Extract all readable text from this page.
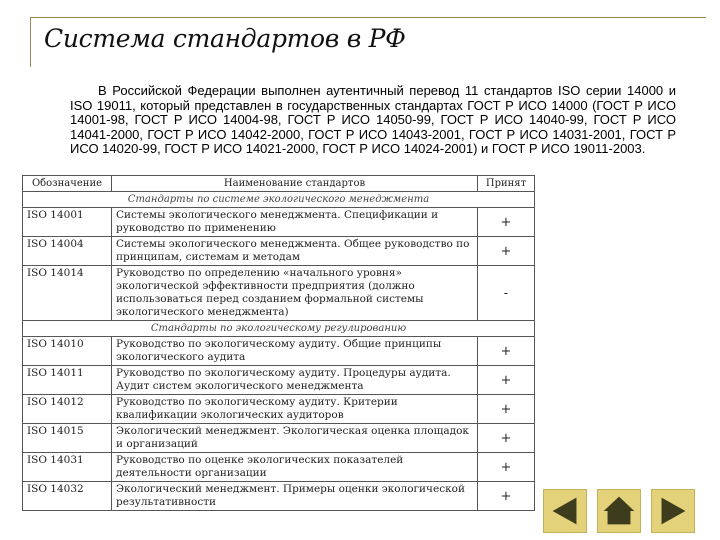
Система стандартов в РФ
В Российской Федерации выполнен аутентичный перевод 11 стандартов ISO серии 14000 и ISO 19011, который представлен в государственных стандартах ГОСТ Р ИСО 14000 (ГОСТ Р ИСО 14001-98, ГОСТ Р ИСО 14004-98, ГОСТ Р ИСО 14050-99, ГОСТ Р ИСО 14040-99, ГОСТ Р ИСО 14041-2000, ГОСТ Р ИСО 14042-2000, ГОСТ Р ИСО 14043-2001, ГОСТ Р ИСО 14031-2001, ГОСТ Р ИСО 14020-99, ГОСТ Р ИСО 14021-2000, ГОСТ Р ИСО 14024-2001) и ГОСТ Р ИСО 19011-2003.
Обозначение	Наименование стандартов	Принят
Стандарты по системе экологического менеджмента		
ISO 14001	Системы экологического менеджмента. Спецификации и руководство по применению	+
ISO 14004	Системы экологического менеджмента. Общее руководство по принципам, системам и методам	+
ISO 14014	Руководство по определению «начального уровня» экологической эффективности предприятия (должно использоваться перед созданием формальной системы экологического менеджмента)	-
Стандарты по экологическому регулированию		
ISO 14010	Руководство по экологическому аудиту. Общие принципы экологического аудита	+
ISO 14011	Руководство по экологическому аудиту. Процедуры аудита. Аудит систем экологического менеджмента	+
ISO 14012	Руководство по экологическому аудиту. Критерии квалификации экологических аудиторов	+
ISO 14015	Экологический менеджмент. Экологическая оценка площадок и организаций	+
ISO 14031	Руководство по оценке экологических показателей деятельности организации	+
ISO 14032	Экологический менеджмент. Примеры оценки экологической результативности	+
